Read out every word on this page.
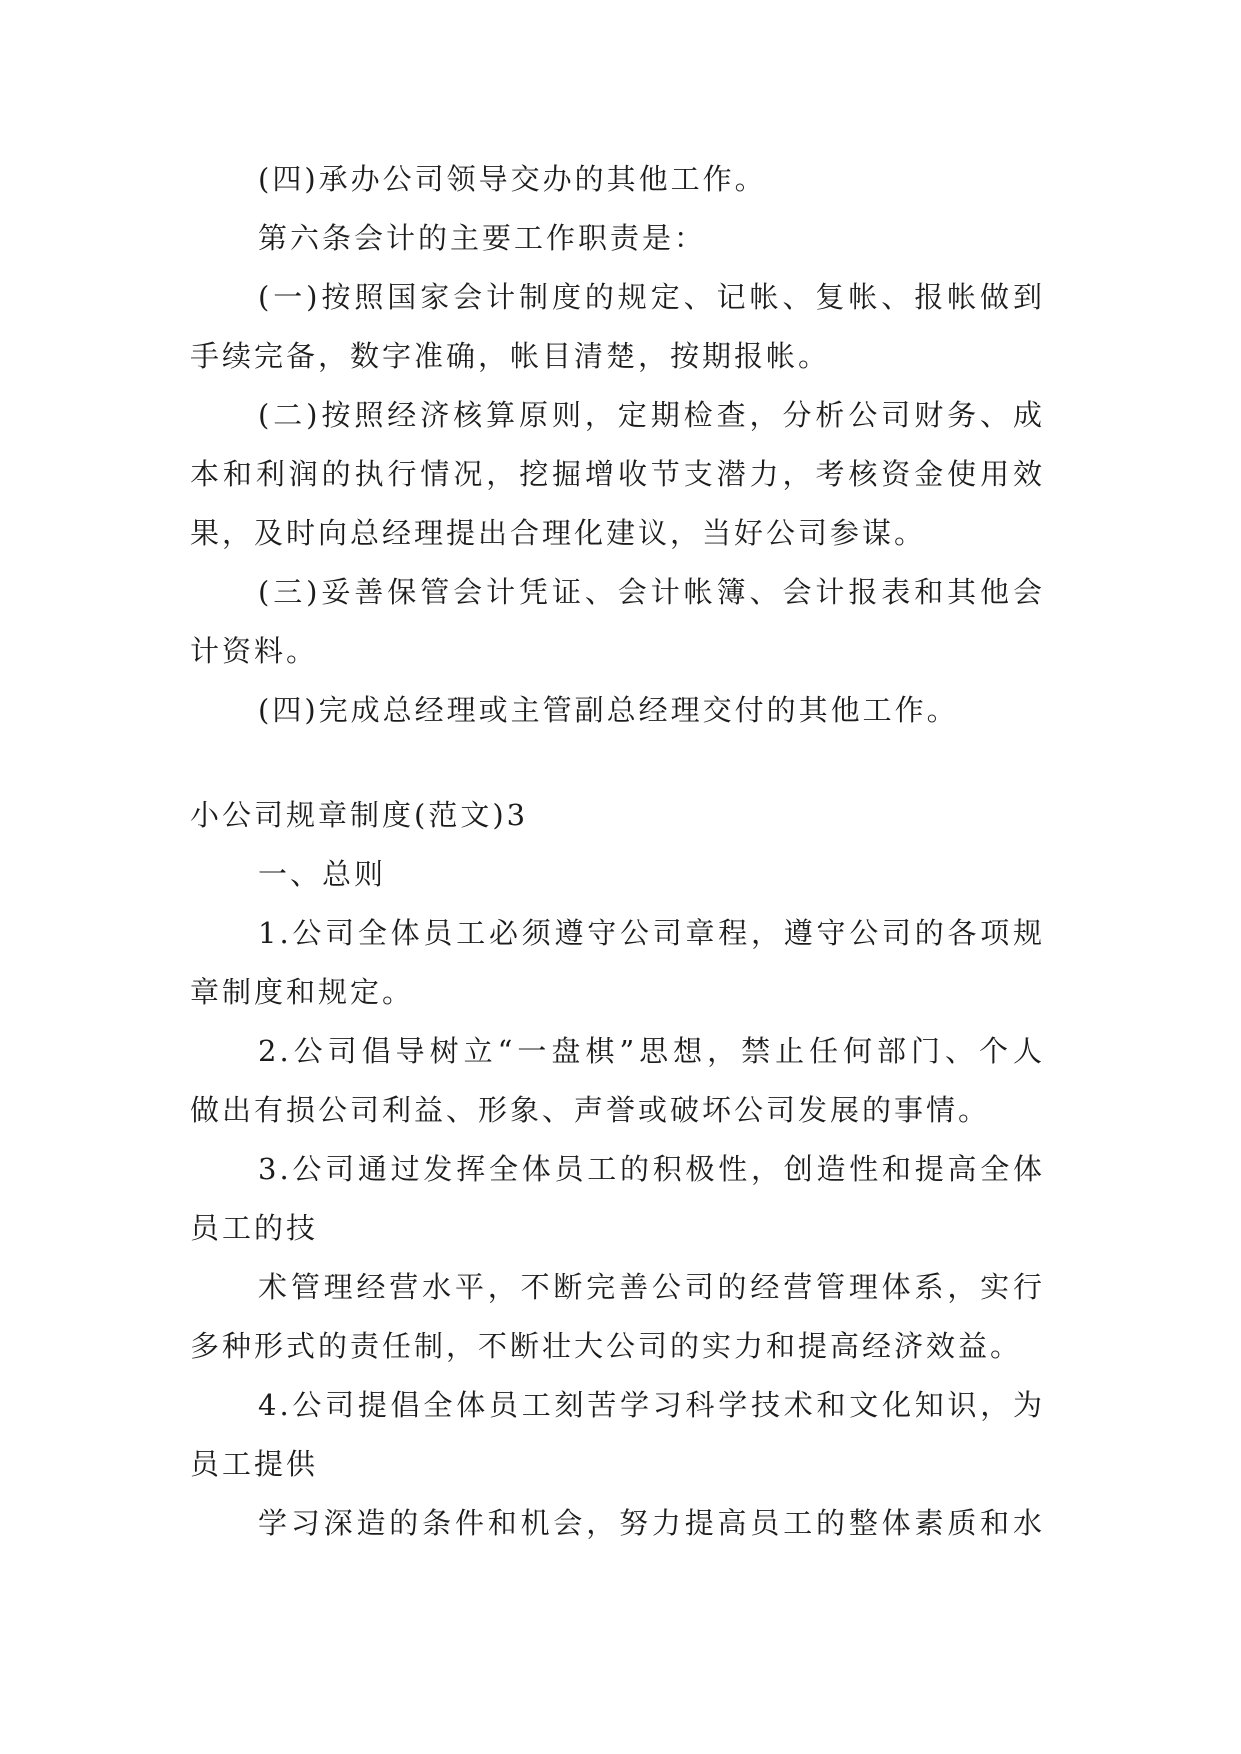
(四)承办公司领导交办的其他工作。
第六条会计的主要工作职责是：
(一)按照国家会计制度的规定、记帐、复帐、报帐做到
手续完备，数字准确，帐目清楚，按期报帐。
(二)按照经济核算原则，定期检查，分析公司财务、成
本和利润的执行情况，挖掘增收节支潜力，考核资金使用效
果，及时向总经理提出合理化建议，当好公司参谋。
(三)妥善保管会计凭证、会计帐簿、会计报表和其他会
计资料。
(四)完成总经理或主管副总经理交付的其他工作。
小公司规章制度(范文)3
一、总则
1.公司全体员工必须遵守公司章程，遵守公司的各项规
章制度和规定。
2.公司倡导树立“一盘棋”思想，禁止任何部门、个人
做出有损公司利益、形象、声誉或破坏公司发展的事情。
3.公司通过发挥全体员工的积极性，创造性和提高全体
员工的技
术管理经营水平，不断完善公司的经营管理体系，实行
多种形式的责任制，不断壮大公司的实力和提高经济效益。
4.公司提倡全体员工刻苦学习科学技术和文化知识，为
员工提供
学习深造的条件和机会，努力提高员工的整体素质和水
